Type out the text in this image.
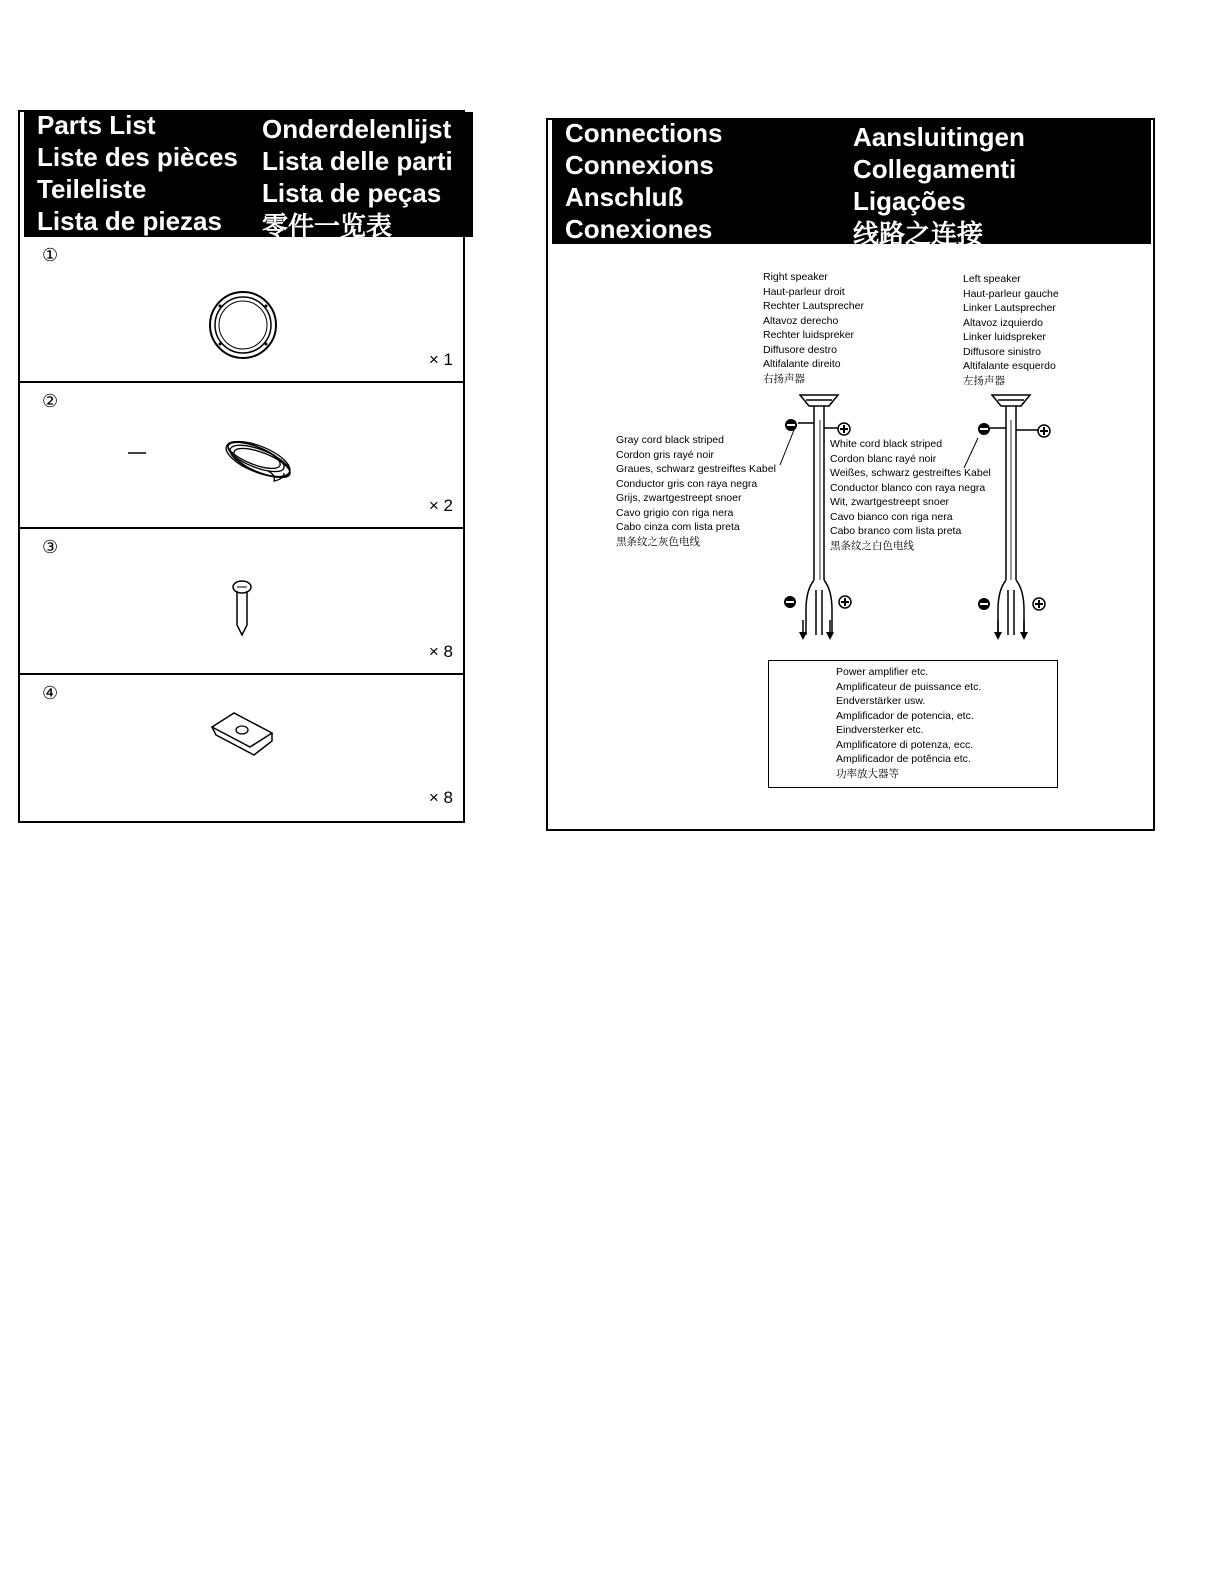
Parts List
Liste des pièces
Teileliste
Lista de piezas
Onderdelenlijst
Lista delle parti
Lista de peças
零件一览表
①
× 1
②
× 2
③
× 8
④
× 8
Connections
Connexions
Anschluß
Conexiones
Aansluitingen
Collegamenti
Ligações
线路之连接
Right speaker
Haut-parleur droit
Rechter Lautsprecher
Altavoz derecho
Rechter luidspreker
Diffusore destro
Altifalante direito
右扬声器
Left speaker
Haut-parleur gauche
Linker Lautsprecher
Altavoz izquierdo
Linker luidspreker
Diffusore sinistro
Altifalante esquerdo
左扬声器
Gray cord black striped
Cordon gris rayé noir
Graues, schwarz gestreiftes Kabel
Conductor gris con raya negra
Grijs, zwartgestreept snoer
Cavo grigio con riga nera
Cabo cinza com lista preta
黑条纹之灰色电线
White cord black striped
Cordon blanc rayé noir
Weißes, schwarz gestreiftes Kabel
Conductor blanco con raya negra
Wit, zwartgestreept snoer
Cavo bianco con riga nera
Cabo branco com lista preta
黑条纹之白色电线
Power amplifier etc.
Amplificateur de puissance etc.
Endverstärker usw.
Amplificador de potencia, etc.
Eindversterker etc.
Amplificatore di potenza, ecc.
Amplificador de potência etc.
功率放大器等
